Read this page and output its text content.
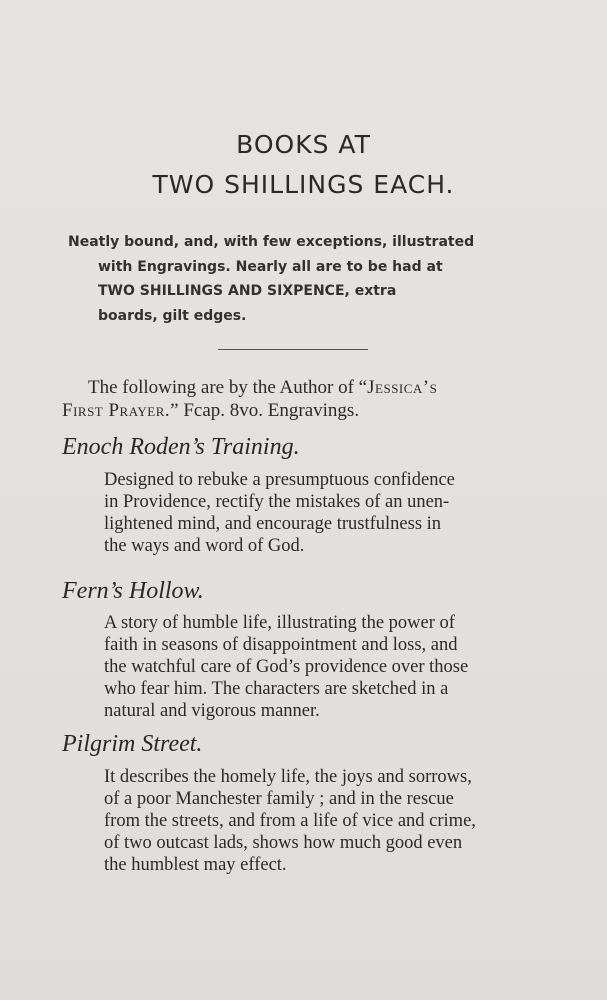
BOOKS AT
TWO SHILLINGS EACH.
Neatly bound, and, with few exceptions, illustrated
with Engravings. Nearly all are to be had at
TWO SHILLINGS AND SIXPENCE, extra
boards, gilt edges.
The following are by the Author of “Jessica’s
First Prayer.” Fcap. 8vo. Engravings.
Enoch Roden’s Training.
Designed to rebuke a presumptuous confidence
in Providence, rectify the mistakes of an unen-
lightened mind, and encourage trustfulness in
the ways and word of God.
Fern’s Hollow.
A story of humble life, illustrating the power of
faith in seasons of disappointment and loss, and
the watchful care of God’s providence over those
who fear him. The characters are sketched in a
natural and vigorous manner.
Pilgrim Street.
It describes the homely life, the joys and sorrows,
of a poor Manchester family ; and in the rescue
from the streets, and from a life of vice and crime,
of two outcast lads, shows how much good even
the humblest may effect.
